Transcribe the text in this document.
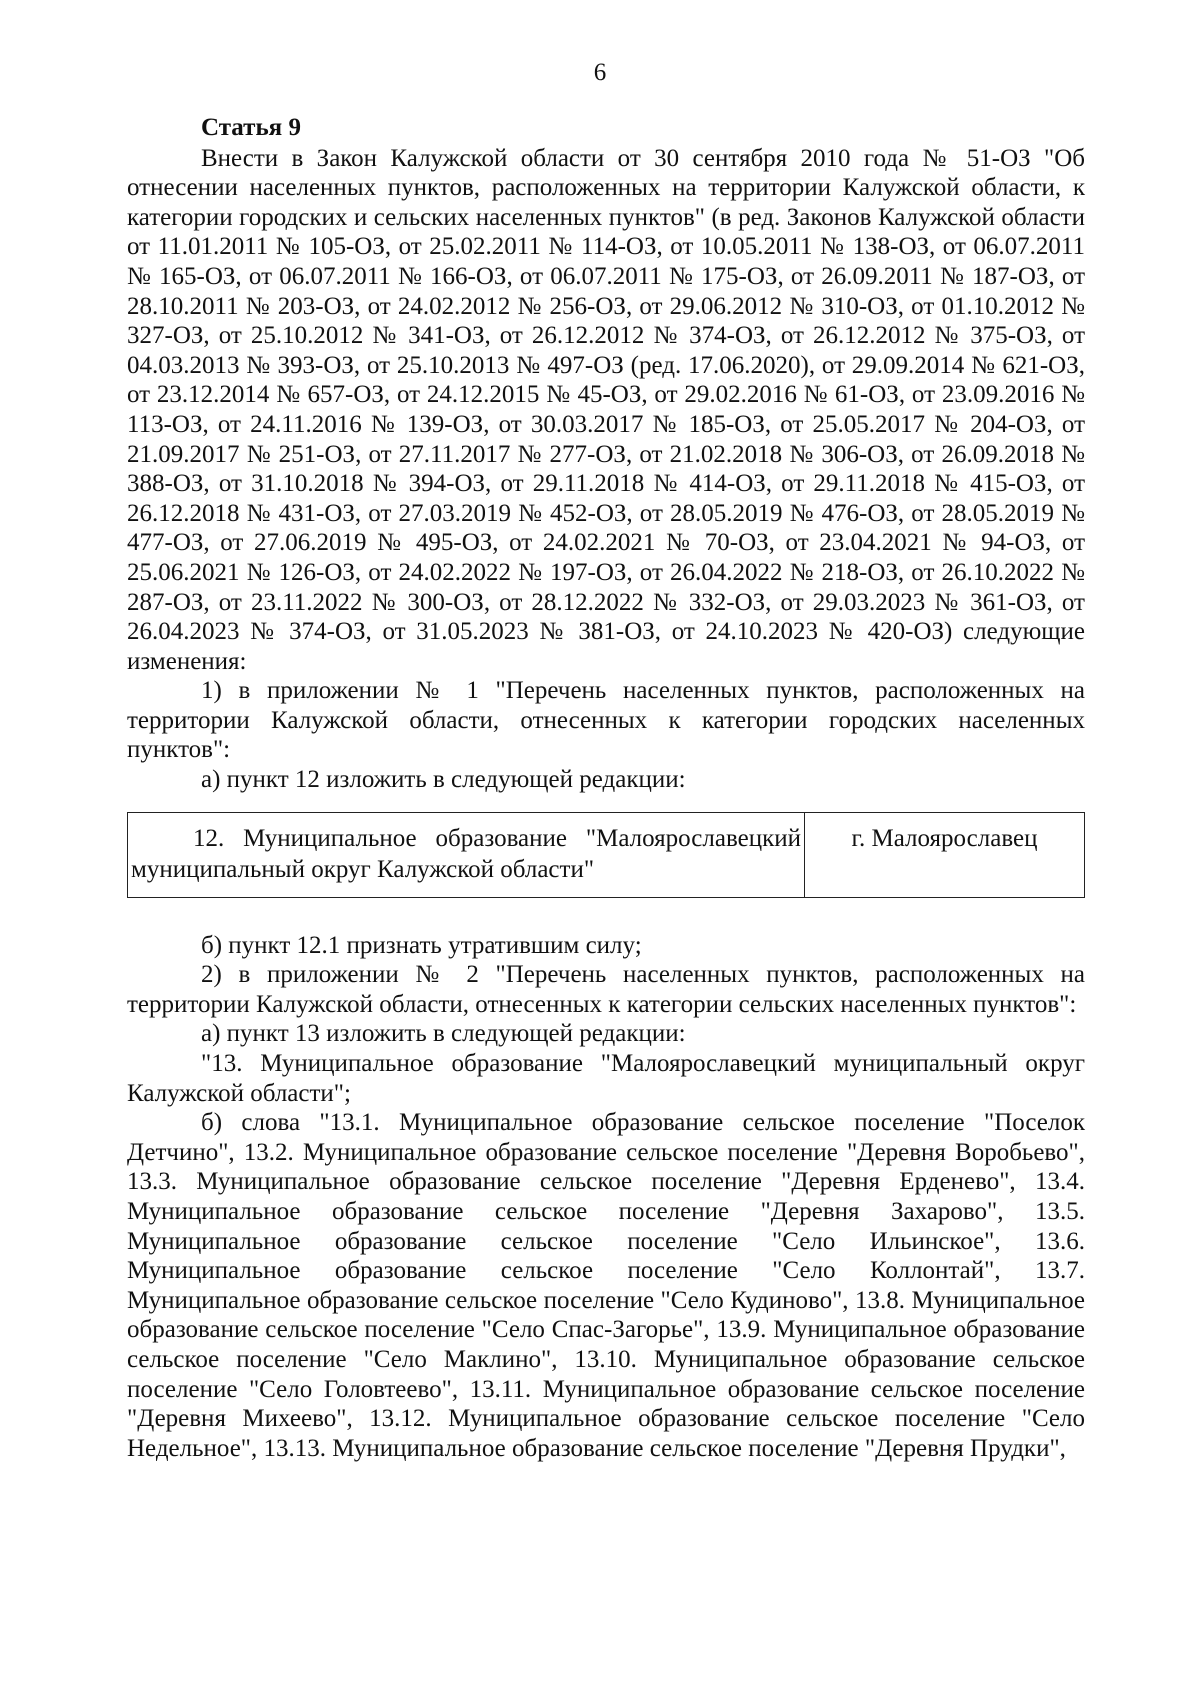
6

Статья 9

Внести в Закон Калужской области от 30 сентября 2010 года № 51-ОЗ "Об отнесении населенных пунктов, расположенных на территории Калужской области, к категории городских и сельских населенных пунктов" (в ред. Законов Калужской области от 11.01.2011 № 105-ОЗ, от 25.02.2011 № 114-ОЗ, от 10.05.2011 № 138-ОЗ, от 06.07.2011 № 165-ОЗ, от 06.07.2011 № 166-ОЗ, от 06.07.2011 № 175-ОЗ, от 26.09.2011 № 187-ОЗ, от 28.10.2011 № 203-ОЗ, от 24.02.2012 № 256-ОЗ, от 29.06.2012 № 310-ОЗ, от 01.10.2012 № 327-ОЗ, от 25.10.2012 № 341-ОЗ, от 26.12.2012 № 374-ОЗ, от 26.12.2012 № 375-ОЗ, от 04.03.2013 № 393-ОЗ, от 25.10.2013 № 497-ОЗ (ред. 17.06.2020), от 29.09.2014 № 621-ОЗ, от 23.12.2014 № 657-ОЗ, от 24.12.2015 № 45-ОЗ, от 29.02.2016 № 61-ОЗ, от 23.09.2016 № 113-ОЗ, от 24.11.2016 № 139-ОЗ, от 30.03.2017 № 185-ОЗ, от 25.05.2017 № 204-ОЗ, от 21.09.2017 № 251-ОЗ, от 27.11.2017 № 277-ОЗ, от 21.02.2018 № 306-ОЗ, от 26.09.2018 № 388-ОЗ, от 31.10.2018 № 394-ОЗ, от 29.11.2018 № 414-ОЗ, от 29.11.2018 № 415-ОЗ, от 26.12.2018 № 431-ОЗ, от 27.03.2019 № 452-ОЗ, от 28.05.2019 № 476-ОЗ, от 28.05.2019 № 477-ОЗ, от 27.06.2019 № 495-ОЗ, от 24.02.2021 № 70-ОЗ, от 23.04.2021 № 94-ОЗ, от 25.06.2021 № 126-ОЗ, от 24.02.2022 № 197-ОЗ, от 26.04.2022 № 218-ОЗ, от 26.10.2022 № 287-ОЗ, от 23.11.2022 № 300-ОЗ, от 28.12.2022 № 332-ОЗ, от 29.03.2023 № 361-ОЗ, от 26.04.2023 № 374-ОЗ, от 31.05.2023 № 381-ОЗ, от 24.10.2023 № 420-ОЗ) следующие изменения:

1) в приложении № 1 "Перечень населенных пунктов, расположенных на территории Калужской области, отнесенных к категории городских населенных пунктов":

а) пункт 12 изложить в следующей редакции:

12. Муниципальное образование "Малоярославецкий муниципальный округ Калужской области"	г. Малоярославец

б) пункт 12.1 признать утратившим силу;

2) в приложении № 2 "Перечень населенных пунктов, расположенных на территории Калужской области, отнесенных к категории сельских населенных пунктов":

а) пункт 13 изложить в следующей редакции:

"13. Муниципальное образование "Малоярославецкий муниципальный округ Калужской области";

б) слова "13.1. Муниципальное образование сельское поселение "Поселок Детчино", 13.2. Муниципальное образование сельское поселение "Деревня Воробьево", 13.3. Муниципальное образование сельское поселение "Деревня Ерденево", 13.4. Муниципальное образование сельское поселение "Деревня Захарово", 13.5. Муниципальное образование сельское поселение "Село Ильинское", 13.6. Муниципальное образование сельское поселение "Село Коллонтай", 13.7. Муниципальное образование сельское поселение "Село Кудиново", 13.8. Муниципальное образование сельское поселение "Село Спас-Загорье", 13.9. Муниципальное образование сельское поселение "Село Маклино", 13.10. Муниципальное образование сельское поселение "Село Головтеево", 13.11. Муниципальное образование сельское поселение "Деревня Михеево", 13.12. Муниципальное образование сельское поселение "Село Недельное", 13.13. Муниципальное образование сельское поселение "Деревня Прудки",
